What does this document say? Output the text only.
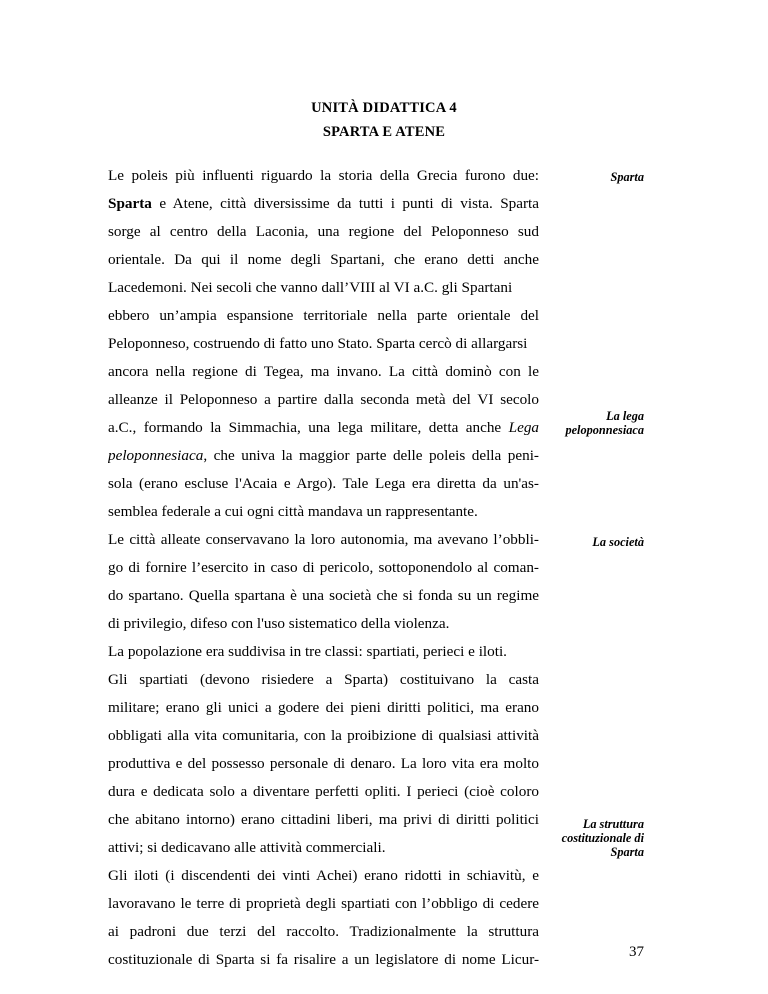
UNITÀ DIDATTICA 4
SPARTA E ATENE
Le poleis più influenti riguardo la storia della Grecia furono due:
Sparta e Atene, città diversissime da tutti i punti di vista. Sparta
sorge al centro della Laconia, una regione del Peloponneso sud
orientale. Da qui il nome degli Spartani, che erano detti anche
Lacedemoni. Nei secoli che vanno dall’VIII al VI a.C. gli Spartani
ebbero un’ampia espansione territoriale nella parte orientale del
Peloponneso, costruendo di fatto uno Stato. Sparta cercò di allargarsi
ancora nella regione di Tegea, ma invano. La città dominò con le
alleanze il Peloponneso a partire dalla seconda metà del VI secolo
a.C., formando la Simmachia, una lega militare, detta anche Lega
peloponnesiaca, che univa la maggior parte delle poleis della peni-
sola (erano escluse l'Acaia e Argo). Tale Lega era diretta da un'as-
semblea federale a cui ogni città mandava un rappresentante.
Le città alleate conservavano la loro autonomia, ma avevano l’obbli-
go di fornire l’esercito in caso di pericolo, sottoponendolo al coman-
do spartano. Quella spartana è una società che si fonda su un regime
di privilegio, difeso con l'uso sistematico della violenza.
La popolazione era suddivisa in tre classi: spartiati, perieci e iloti.
Gli spartiati (devono risiedere a Sparta) costituivano la casta
militare; erano gli unici a godere dei pieni diritti politici, ma erano
obbligati alla vita comunitaria, con la proibizione di qualsiasi attività
produttiva e del possesso personale di denaro. La loro vita era molto
dura e dedicata solo a diventare perfetti opliti. I perieci (cioè coloro
che abitano intorno) erano cittadini liberi, ma privi di diritti politici
attivi; si dedicavano alle attività commerciali.
Gli iloti (i discendenti dei vinti Achei) erano ridotti in schiavitù, e
lavoravano le terre di proprietà degli spartiati con l’obbligo di cedere
ai padroni due terzi del raccolto. Tradizionalmente la struttura
costituzionale di Sparta si fa risalire a un legislatore di nome Licur-
Sparta
La lega
peloponnesiaca
La società
La struttura
costituzionale di
Sparta
37
